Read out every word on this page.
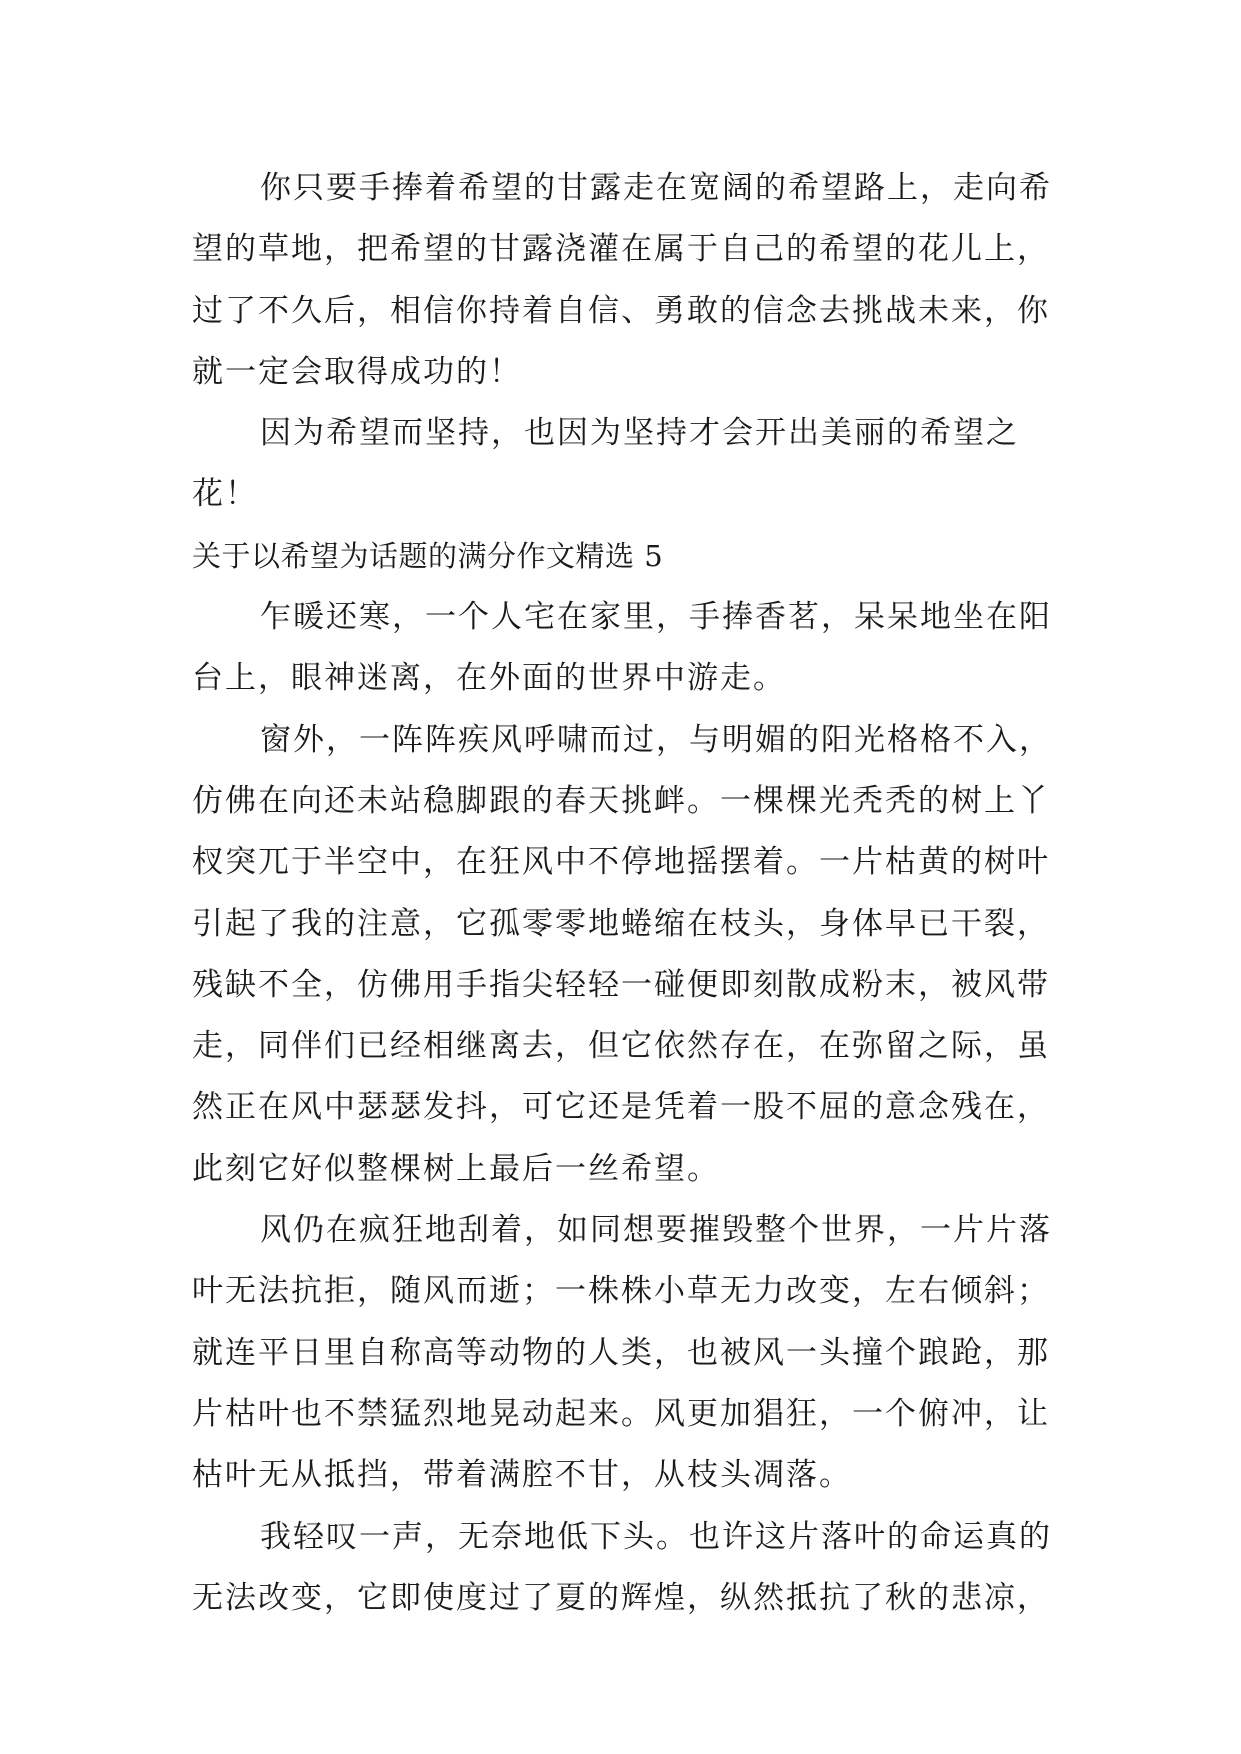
你只要手捧着希望的甘露走在宽阔的希望路上，走向希
望的草地，把希望的甘露浇灌在属于自己的希望的花儿上，
过了不久后，相信你持着自信、勇敢的信念去挑战未来，你
就一定会取得成功的！
因为希望而坚持，也因为坚持才会开出美丽的希望之
花！
关于以希望为话题的满分作文精选 5
乍暖还寒，一个人宅在家里，手捧香茗，呆呆地坐在阳
台上，眼神迷离，在外面的世界中游走。
窗外，一阵阵疾风呼啸而过，与明媚的阳光格格不入，
仿佛在向还未站稳脚跟的春天挑衅。一棵棵光秃秃的树上丫
杈突兀于半空中，在狂风中不停地摇摆着。一片枯黄的树叶
引起了我的注意，它孤零零地蜷缩在枝头，身体早已干裂，
残缺不全，仿佛用手指尖轻轻一碰便即刻散成粉末，被风带
走，同伴们已经相继离去，但它依然存在，在弥留之际，虽
然正在风中瑟瑟发抖，可它还是凭着一股不屈的意念残在，
此刻它好似整棵树上最后一丝希望。
风仍在疯狂地刮着，如同想要摧毁整个世界，一片片落
叶无法抗拒，随风而逝；一株株小草无力改变，左右倾斜；
就连平日里自称高等动物的人类，也被风一头撞个踉跄，那
片枯叶也不禁猛烈地晃动起来。风更加猖狂，一个俯冲，让
枯叶无从抵挡，带着满腔不甘，从枝头凋落。
我轻叹一声，无奈地低下头。也许这片落叶的命运真的
无法改变，它即使度过了夏的辉煌，纵然抵抗了秋的悲凉，
